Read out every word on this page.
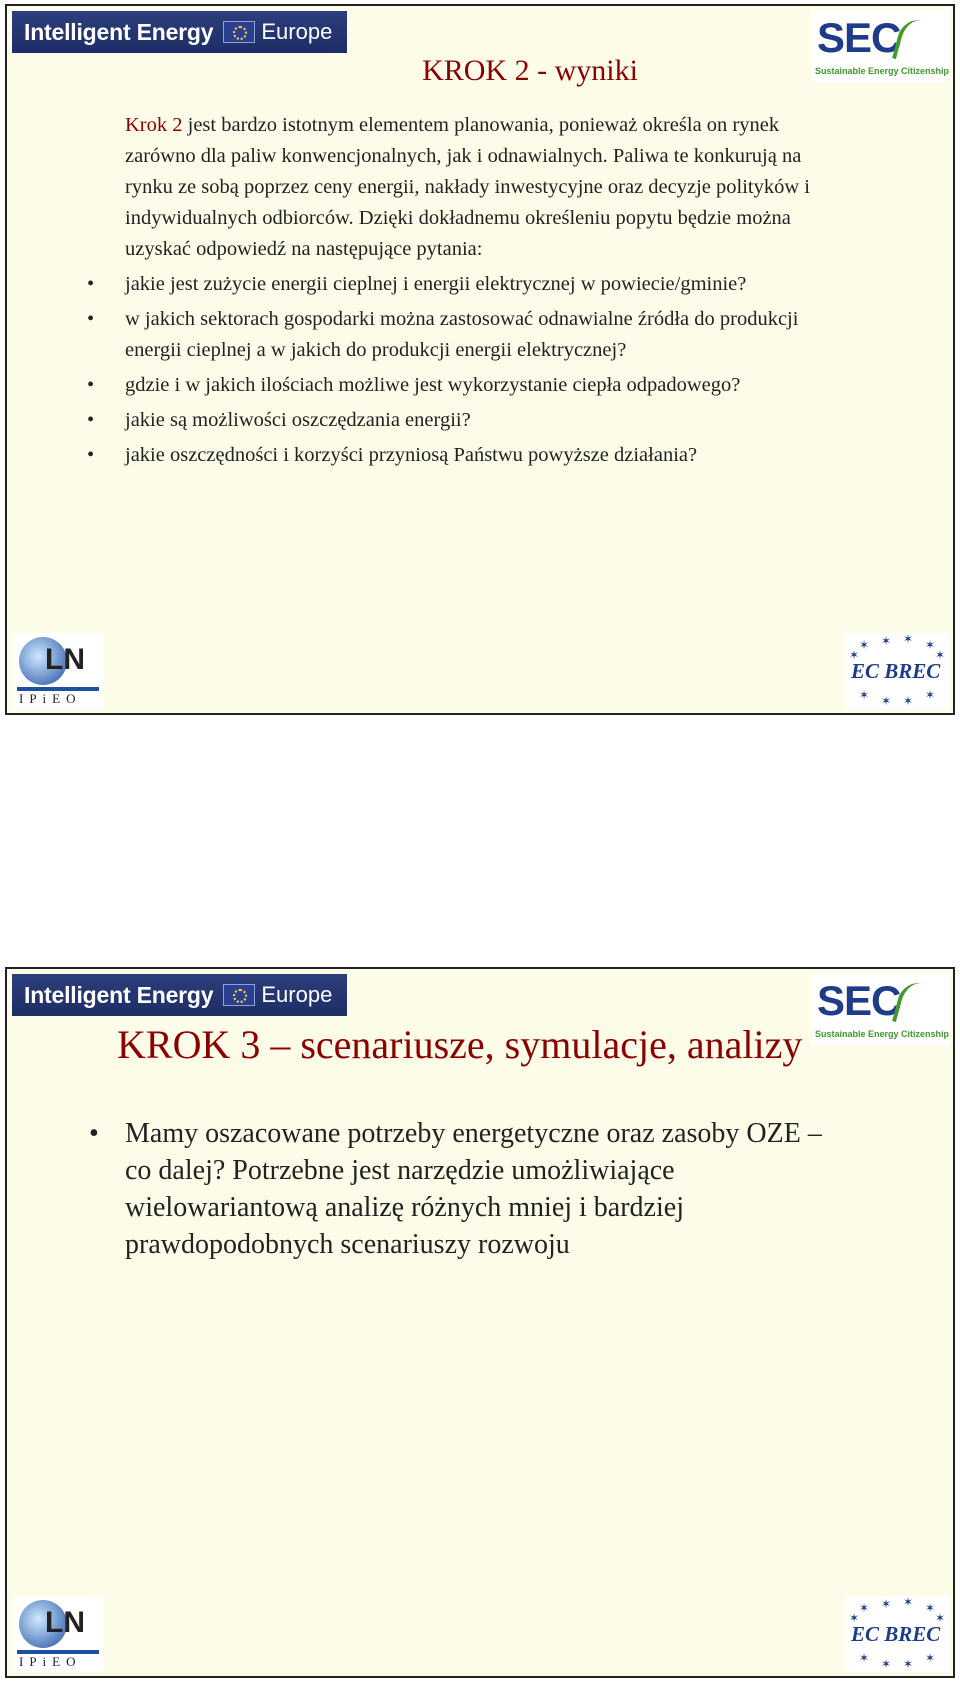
Intelligent Energy Europe	SEC
Sustainable Energy Citizenship
KROK 2 - wyniki

Krok 2 jest bardzo istotnym elementem planowania, ponieważ określa on rynek zarówno dla paliw konwencjonalnych, jak i odnawialnych. Paliwa te konkurują na rynku ze sobą poprzez ceny energii, nakłady inwestycyjne oraz decyzje polityków i indywidualnych odbiorców. Dzięki dokładnemu określeniu popytu będzie można uzyskać odpowiedź na następujące pytania:

• jakie jest zużycie energii cieplnej i energii elektrycznej w powiecie/gminie?
• w jakich sektorach gospodarki można zastosować odnawialne źródła do produkcji energii cieplnej a w jakich do produkcji energii elektrycznej?
• gdzie i w jakich ilościach możliwe jest wykorzystanie ciepła odpadowego?
• jakie są możliwości oszczędzania energii?
• jakie oszczędności i korzyści przyniosą Państwu powyższe działania?
LN
IPiEO
✶ ✶ ✶ ✶
✶	✶
✶ ✶ ✶ ✶
EC BREC
Intelligent Energy Europe	SEC
Sustainable Energy Citizenship
KROK 3 – scenariusze, symulacje, analizy
• Mamy oszacowane potrzeby energetyczne oraz zasoby OZE – co dalej? Potrzebne jest narzędzie umożliwiające wielowariantową analizę różnych mniej i bardziej prawdopodobnych scenariuszy rozwoju
LN
IPiEO
✶ ✶ ✶ ✶
✶	✶
✶ ✶ ✶ ✶
EC BREC
